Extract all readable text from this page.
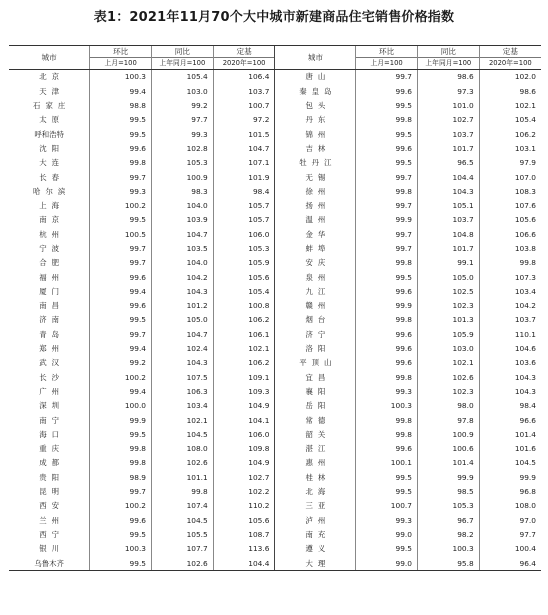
表1：2021年11月70个大中城市新建商品住宅销售价格指数
城市	环比	同比	定基	城市	环比	同比	定基
	上月=100	上年同月=100	2020年=100		上月=100	上年同月=100	2020年=100
北京	100.3	105.4	106.4	唐山	99.7	98.6	102.0
天津	99.4	103.0	103.7	秦皇岛	99.6	97.3	98.6
石家庄	98.8	99.2	100.7	包头	99.5	101.0	102.1
太原	99.5	97.7	97.2	丹东	99.8	102.7	105.4
呼和浩特	99.5	99.3	101.5	锦州	99.5	103.7	106.2
沈阳	99.6	102.8	104.7	吉林	99.6	101.7	103.1
大连	99.8	105.3	107.1	牡丹江	99.5	96.5	97.9
长春	99.7	100.9	101.9	无锡	99.7	104.4	107.0
哈尔滨	99.3	98.3	98.4	徐州	99.8	104.3	108.3
上海	100.2	104.0	105.7	扬州	99.7	105.1	107.6
南京	99.5	103.9	105.7	温州	99.9	103.7	105.6
杭州	100.5	104.7	106.0	金华	99.7	104.8	106.6
宁波	99.7	103.5	105.3	蚌埠	99.7	101.7	103.8
合肥	99.7	104.0	105.9	安庆	99.8	99.1	99.8
福州	99.6	104.2	105.6	泉州	99.5	105.0	107.3
厦门	99.4	104.3	105.4	九江	99.6	102.5	103.4
南昌	99.6	101.2	100.8	赣州	99.9	102.3	104.2
济南	99.5	105.0	106.2	烟台	99.8	101.3	103.7
青岛	99.7	104.7	106.1	济宁	99.6	105.9	110.1
郑州	99.4	102.4	102.1	洛阳	99.6	103.0	104.6
武汉	99.2	104.3	106.2	平顶山	99.6	102.1	103.6
长沙	100.2	107.5	109.1	宜昌	99.8	102.6	104.3
广州	99.4	106.3	109.3	襄阳	99.3	102.3	104.3
深圳	100.0	103.4	104.9	岳阳	100.3	98.0	98.4
南宁	99.9	102.1	104.1	常德	99.8	97.8	96.6
海口	99.5	104.5	106.0	韶关	99.8	100.9	101.4
重庆	99.8	108.0	109.8	湛江	99.6	100.6	101.6
成都	99.8	102.6	104.9	惠州	100.1	101.4	104.5
贵阳	98.9	101.1	102.7	桂林	99.5	99.9	99.9
昆明	99.7	99.8	102.2	北海	99.5	98.5	96.8
西安	100.2	107.4	110.2	三亚	100.7	105.3	108.0
兰州	99.6	104.5	105.6	泸州	99.3	96.7	97.0
西宁	99.5	105.5	108.7	南充	99.0	98.2	97.7
银川	100.3	107.7	113.6	遵义	99.5	100.3	100.4
乌鲁木齐	99.5	102.6	104.4	大理	99.0	95.8	96.4
